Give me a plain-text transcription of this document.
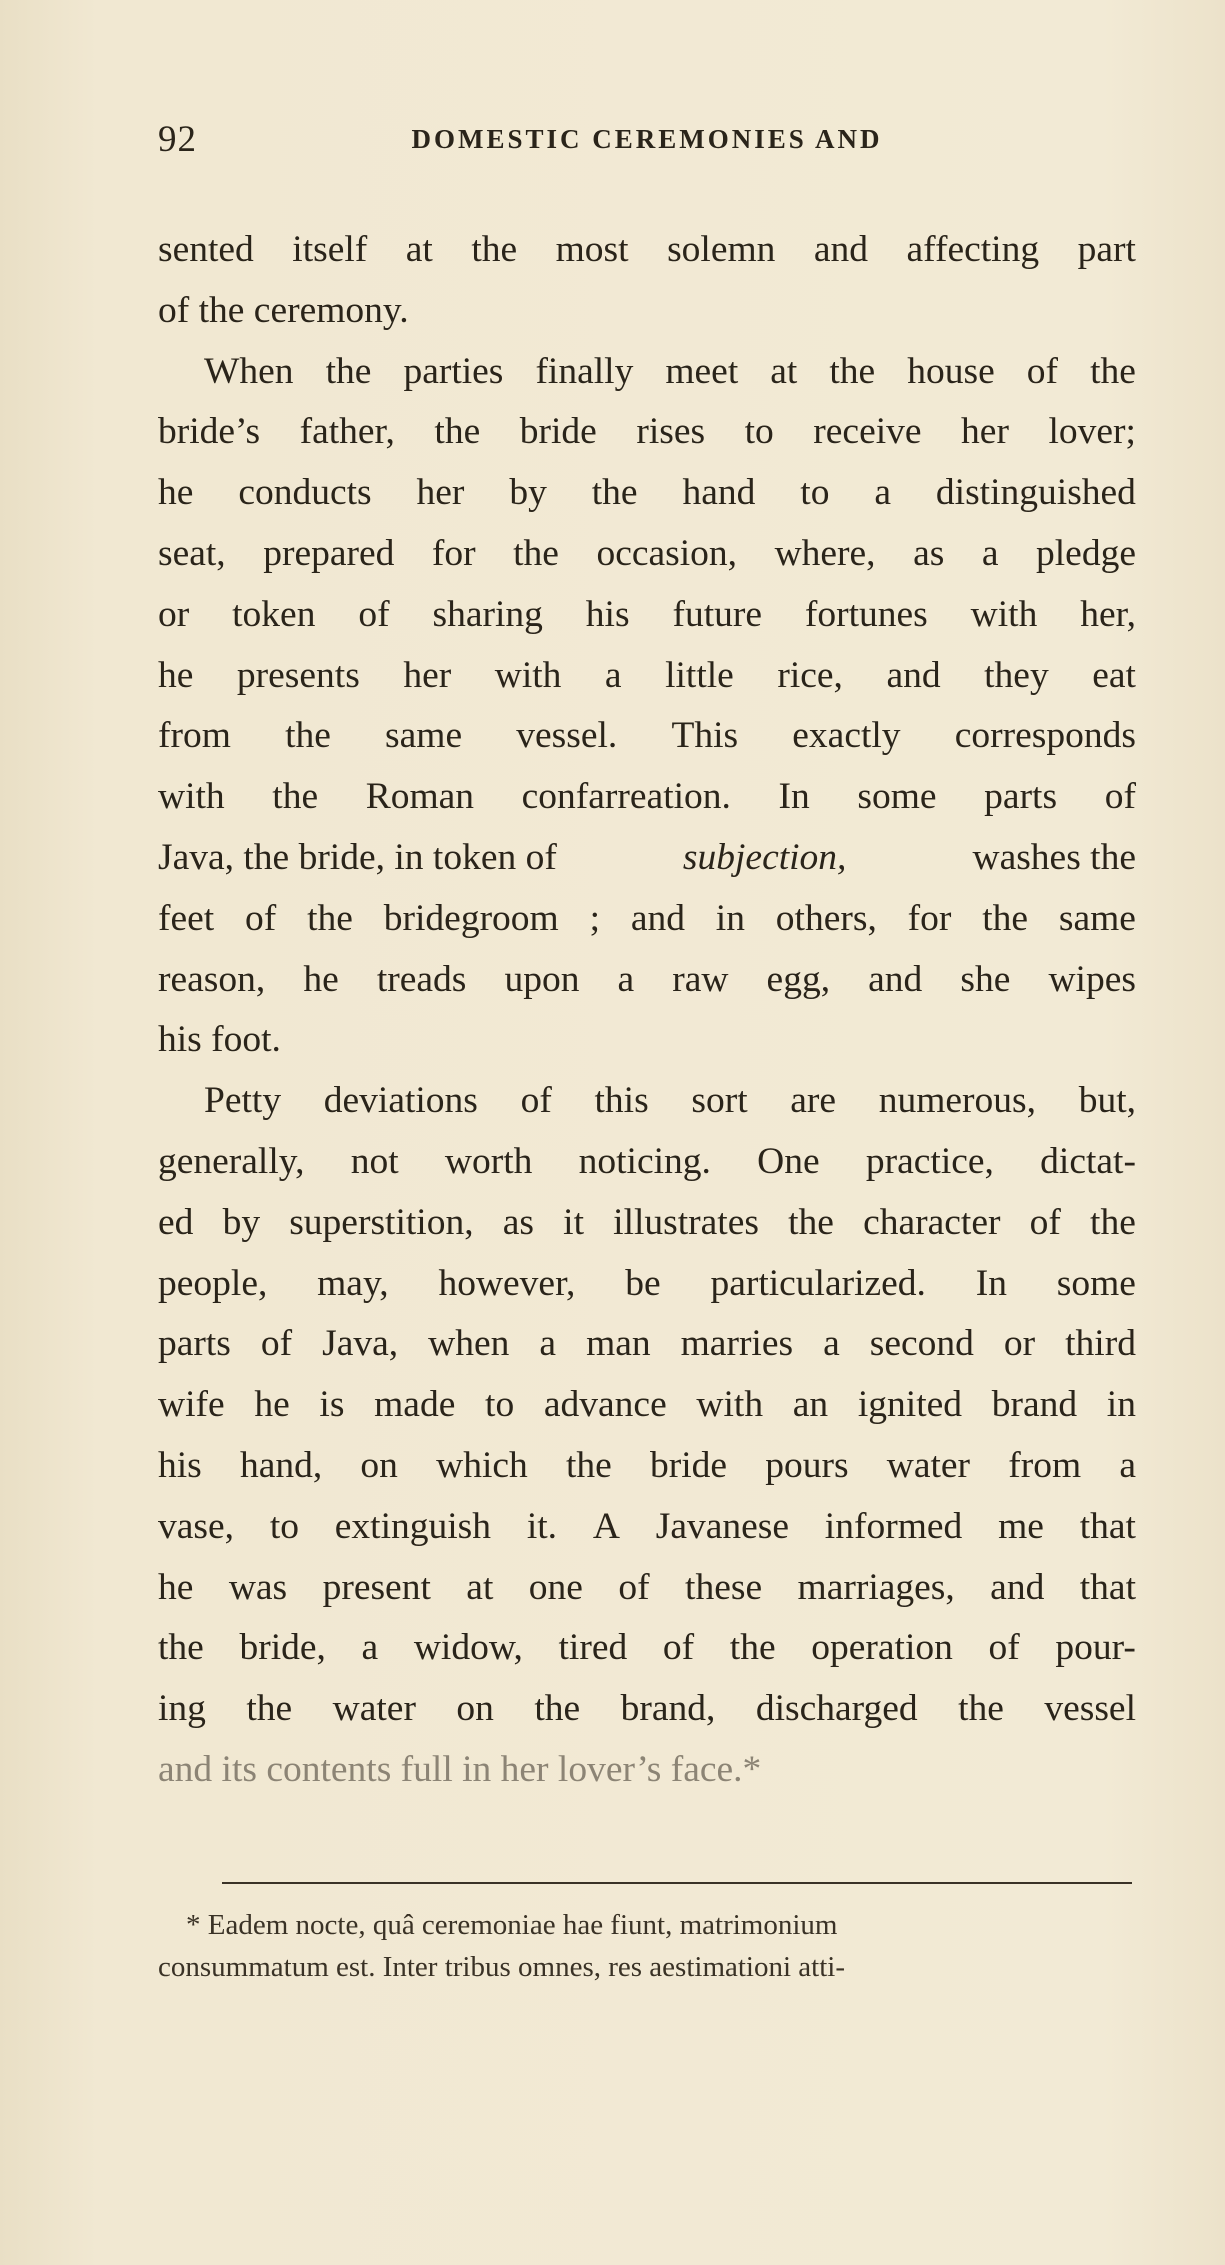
92	DOMESTIC CEREMONIES AND
sented itself at the most solemn and affecting part
of the ceremony.
When the parties finally meet at the house of the
bride’s father, the bride rises to receive her lover;
he conducts her by the hand to a distinguished
seat, prepared for the occasion, where, as a pledge
or token of sharing his future fortunes with her,
he presents her with a little rice, and they eat
from the same vessel. This exactly corresponds
with the Roman confarreation. In some parts of
Java, the bride, in token of	subjection,	washes the
feet of the bridegroom ; and in others, for the same
reason, he treads upon a raw egg, and she wipes
his foot.
Petty deviations of this sort are numerous, but,
generally, not worth noticing. One practice, dictat-
ed by superstition, as it illustrates the character of the
people, may, however, be particularized. In some
parts of Java, when a man marries a second or third
wife he is made to advance with an ignited brand in
his hand, on which the bride pours water from a
vase, to extinguish it. A Javanese informed me that
he was present at one of these marriages, and that
the bride, a widow, tired of the operation of pour-
ing the water on the brand, discharged the vessel
and its contents full in her lover’s face.*
* Eadem nocte, quâ ceremoniae hae fiunt, matrimonium
consummatum est. Inter tribus omnes, res aestimationi atti-
